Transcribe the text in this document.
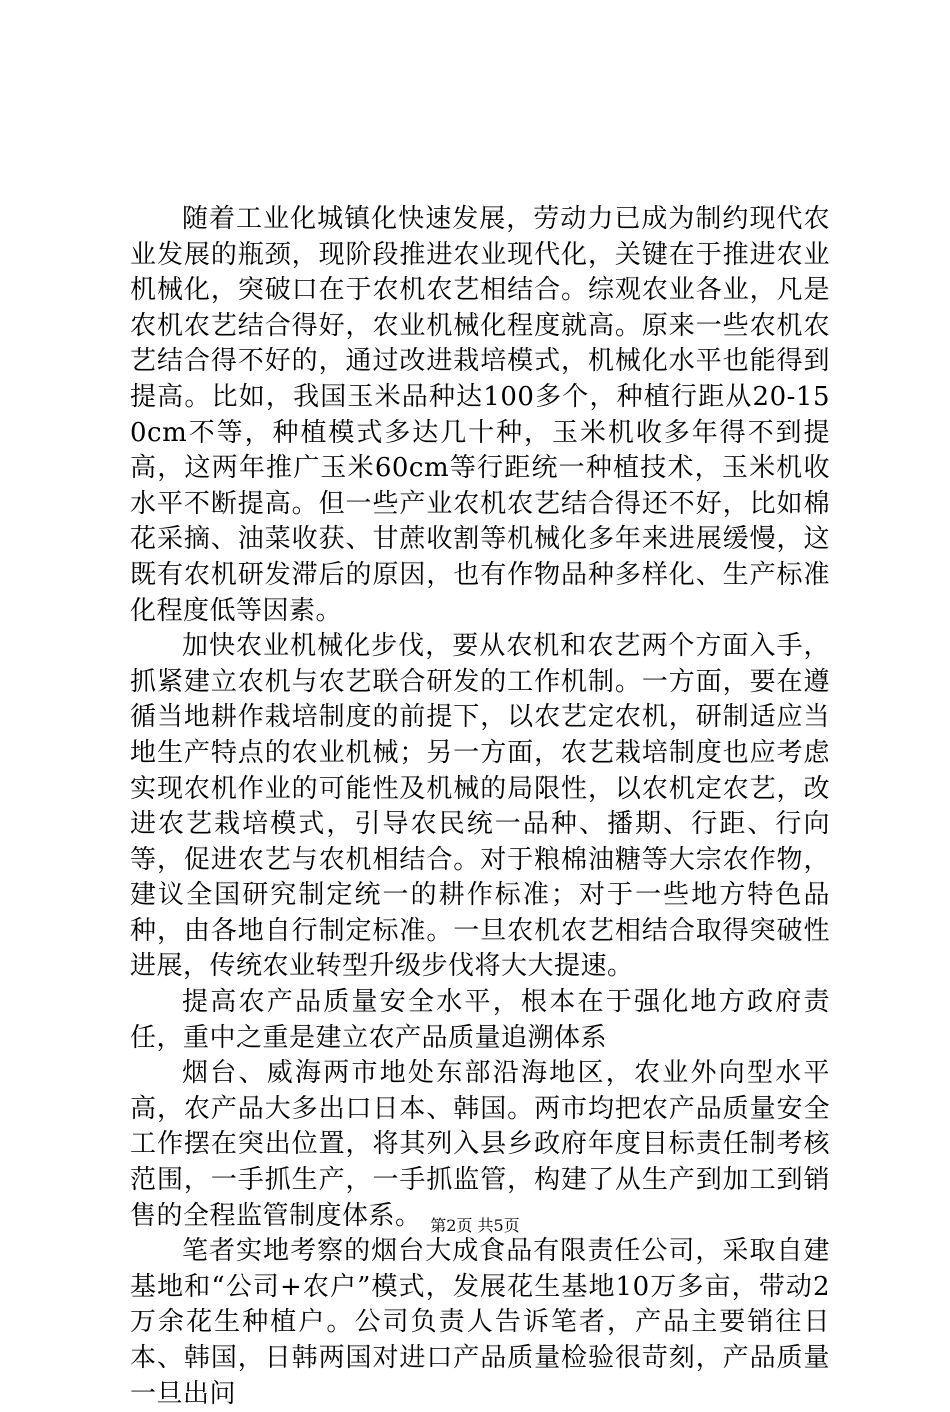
随着工业化城镇化快速发展，劳动力已成为制约现代农业发展的瓶颈，现阶段推进农业现代化，关键在于推进农业机械化，突破口在于农机农艺相结合。综观农业各业，凡是农机农艺结合得好，农业机械化程度就高。原来一些农机农艺结合得不好的，通过改进栽培模式，机械化水平也能得到提高。比如，我国玉米品种达100多个，种植行距从20-150cm不等，种植模式多达几十种，玉米机收多年得不到提高，这两年推广玉米60cm等行距统一种植技术，玉米机收水平不断提高。但一些产业农机农艺结合得还不好，比如棉花采摘、油菜收获、甘蔗收割等机械化多年来进展缓慢，这既有农机研发滞后的原因，也有作物品种多样化、生产标准化程度低等因素。

加快农业机械化步伐，要从农机和农艺两个方面入手，抓紧建立农机与农艺联合研发的工作机制。一方面，要在遵循当地耕作栽培制度的前提下，以农艺定农机，研制适应当地生产特点的农业机械；另一方面，农艺栽培制度也应考虑实现农机作业的可能性及机械的局限性，以农机定农艺，改进农艺栽培模式，引导农民统一品种、播期、行距、行向等，促进农艺与农机相结合。对于粮棉油糖等大宗农作物，建议全国研究制定统一的耕作标准；对于一些地方特色品种，由各地自行制定标准。一旦农机农艺相结合取得突破性进展，传统农业转型升级步伐将大大提速。

提高农产品质量安全水平，根本在于强化地方政府责任，重中之重是建立农产品质量追溯体系

烟台、威海两市地处东部沿海地区，农业外向型水平高，农产品大多出口日本、韩国。两市均把农产品质量安全工作摆在突出位置，将其列入县乡政府年度目标责任制考核范围，一手抓生产，一手抓监管，构建了从生产到加工到销售的全程监管制度体系。

笔者实地考察的烟台大成食品有限责任公司，采取自建基地和“公司+农户”模式，发展花生基地10万多亩，带动2万余花生种植户。公司负责人告诉笔者，产品主要销往日本、韩国，日韩两国对进口产品质量检验很苛刻，产品质量一旦出问

第2页 共5页
